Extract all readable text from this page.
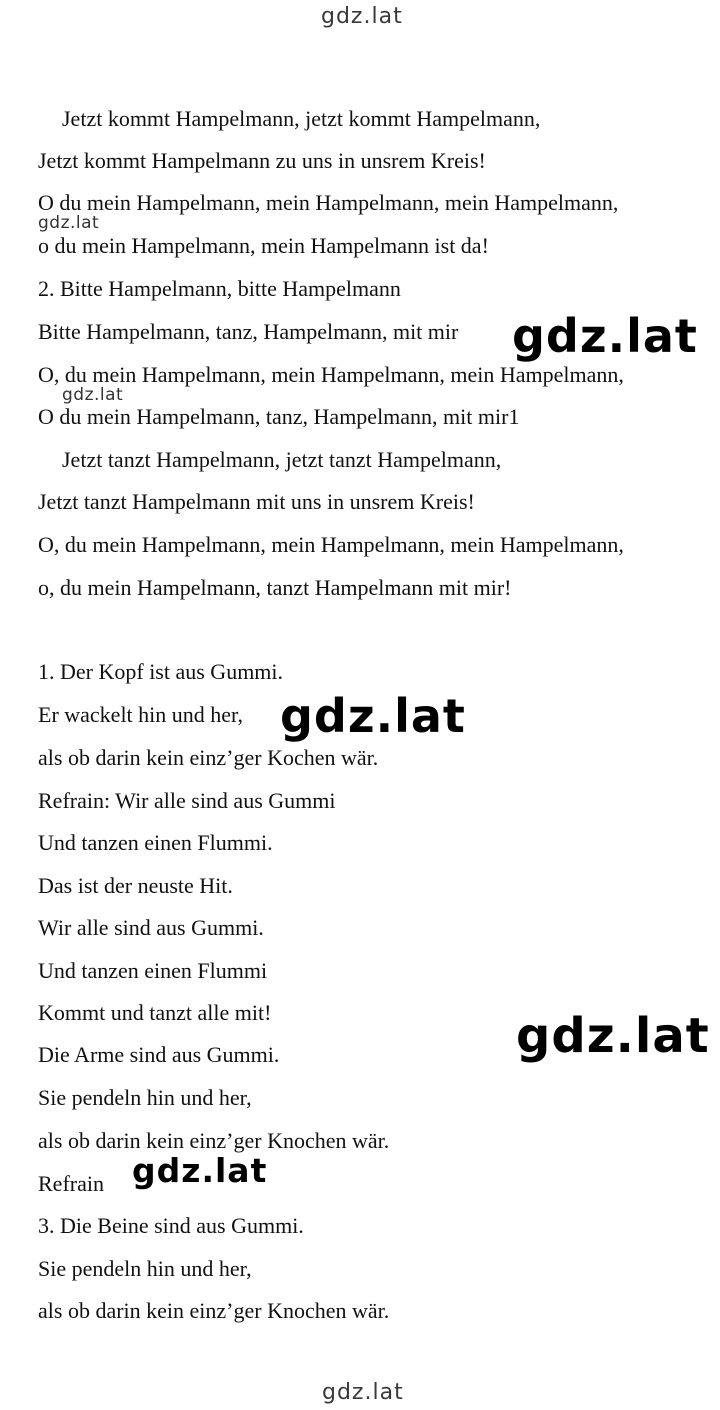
gdz.lat
Jetzt kommt Hampelmann, jetzt kommt Hampelmann,
Jetzt kommt Hampelmann zu uns in unsrem Kreis!
O du mein Hampelmann, mein Hampelmann, mein Hampelmann,
o du mein Hampelmann, mein Hampelmann ist da!
2. Bitte Hampelmann, bitte Hampelmann
Bitte Hampelmann, tanz, Hampelmann, mit mir
O, du mein Hampelmann, mein Hampelmann, mein Hampelmann,
O du mein Hampelmann, tanz, Hampelmann, mit mir1
Jetzt tanzt Hampelmann, jetzt tanzt Hampelmann,
Jetzt tanzt Hampelmann mit uns in unsrem Kreis!
O, du mein Hampelmann, mein Hampelmann, mein Hampelmann,
o, du mein Hampelmann, tanzt Hampelmann mit mir!
1. Der Kopf ist aus Gummi.
Er wackelt hin und her,
als ob darin kein einz’ger Kochen wär.
Refrain: Wir alle sind aus Gummi
Und tanzen einen Flummi.
Das ist der neuste Hit.
Wir alle sind aus Gummi.
Und tanzen einen Flummi
Kommt und tanzt alle mit!
Die Arme sind aus Gummi.
Sie pendeln hin und her,
als ob darin kein einz’ger Knochen wär.
Refrain
3. Die Beine sind aus Gummi.
Sie pendeln hin und her,
als ob darin kein einz’ger Knochen wär.
gdz.lat
gdz.lat
gdz.lat
gdz.lat
gdz.lat
gdz.lat
gdz.lat
